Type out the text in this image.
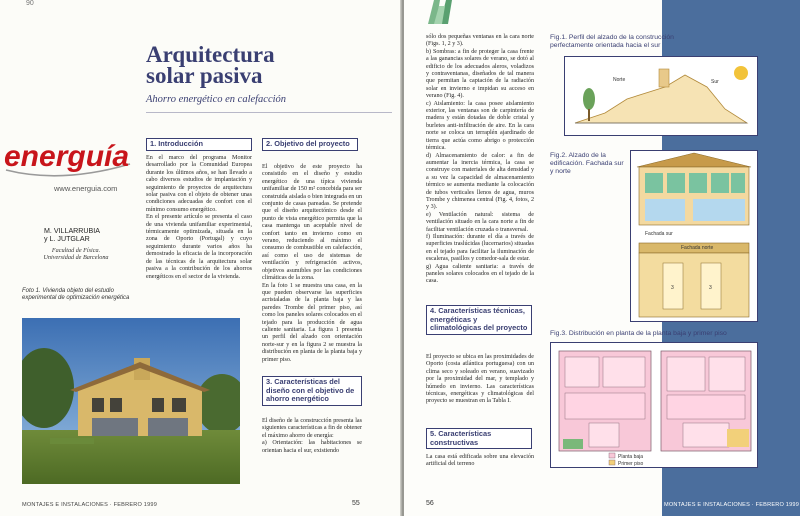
90
Arquitectura
solar pasiva
Ahorro energético en calefacción
energuía
www.energuia.com
M. VILLARRUBIA
y L. JUTGLAR
Facultad de Física.
Universidad de Barcelona
Foto 1. Vivienda objeto del estudio experimental de optimización energética
1. Introducción

En el marco del programa Monitor desarrollado por la Comunidad Europea durante los últimos años, se han llevado a cabo diversos estudios de implantación y seguimiento de proyectos de arquitectura solar pasiva con el objeto de obtener unas condiciones adecuadas de confort con el mínimo consumo energético.
En el presente artículo se presenta el caso de una vivienda unifamiliar experimental, térmicamente optimizada, situada en la zona de Oporto (Portugal) y cuyo seguimiento durante varios años ha demostrado la eficacia de la incorporación de las técnicas de la arquitectura solar pasiva a la contribución de los ahorros energéticos en el sector de la vivienda.

2. Objetivo del proyecto

El objetivo de este proyecto ha consistido en el diseño y estudio energético de una típica vivienda unifamiliar de 150 m² concebida para ser construida aislada o bien integrada en un conjunto de casas pareadas. Se pretende que el diseño arquitectónico desde el punto de vista energético permita que la casa mantenga un aceptable nivel de confort tanto en invierno como en verano, reduciendo al máximo el consumo de combustible en calefacción, así como el uso de sistemas de ventilación y refrigeración activos, objetivos asumibles por las condiciones climáticas de la zona.
En la foto 1 se muestra una casa, en la que pueden observarse las superficies acristaladas de la planta baja y las paredes Trombe del primer piso, así como los paneles solares colocados en el tejado para la producción de agua caliente sanitaria. La figura 1 presenta un perfil del alzado con orientación norte-sur y en la figura 2 se muestra la distribución en planta de la planta baja y primer piso.

3. Características del diseño con el objetivo de ahorro energético

El diseño de la construcción presenta las siguientes características a fin de obtener el máximo ahorro de energía:
a) Orientación: las habitaciones se orientan hacia el sur, existiendo

MONTAJES E INSTALACIONES · FEBRERO 1999	55

sólo dos pequeñas ventanas en la cara norte (Figs. 1, 2 y 3).
b) Sombras: a fin de proteger la casa frente a las ganancias solares de verano, se dotó al edificio de los adecuados aleros, voladizos y contraventanas, diseñados de tal manera que permitan la captación de la radiación solar en invierno e impidan su acceso en verano (Fig. 4).
c) Aislamiento: la casa posee aislamiento exterior, las ventanas son de carpintería de madera y están dotadas de doble cristal y burletes anti-infiltración de aire. En la cara norte se coloca un terraplén ajardinado de tierra que actúa como abrigo o protección térmica.
d) Almacenamiento de calor: a fin de aumentar la inercia térmica, la casa se construye con materiales de alta densidad y a su vez la capacidad de almacenamiento térmico se aumenta mediante la colocación de tubos verticales llenos de agua, muros Trombe y chimenea central (Fig. 4, fotos, 2 y 3).
e) Ventilación natural: sistema de ventilación situado en la cara norte a fin de facilitar ventilación cruzada o transversal.
f) Iluminación: durante el día a través de superficies traslúcidas (lucernarios) situadas en el tejado para facilitar la iluminación de escaleras, pasillos y comedor-sala de estar.
g) Agua caliente sanitaria: a través de paneles solares colocados en el tejado de la casa.

4. Características técnicas, energéticas y climatológicas del proyecto

El proyecto se ubica en las proximidades de Oporto (costa atlántica portuguesa) con un clima seco y soleado en verano, suavizado por la proximidad del mar, y templado y húmedo en invierno. Las características técnicas, energéticas y climatológicas del proyecto se muestran en la Tabla I.

5. Características constructivas

La casa está edificada sobre una elevación artificial del terreno

Fig.1. Perfil del alzado de la construcción perfectamente orientada hacia el sur
Norte	Sur
Fig.2. Alzado de la edificación. Fachada sur y norte
Fachada sur
3	3
Fachada norte
Fig.3. Distribución en planta de la planta baja y primer piso
Planta baja
Primer piso
56	MONTAJES E INSTALACIONES · FEBRERO 1999
